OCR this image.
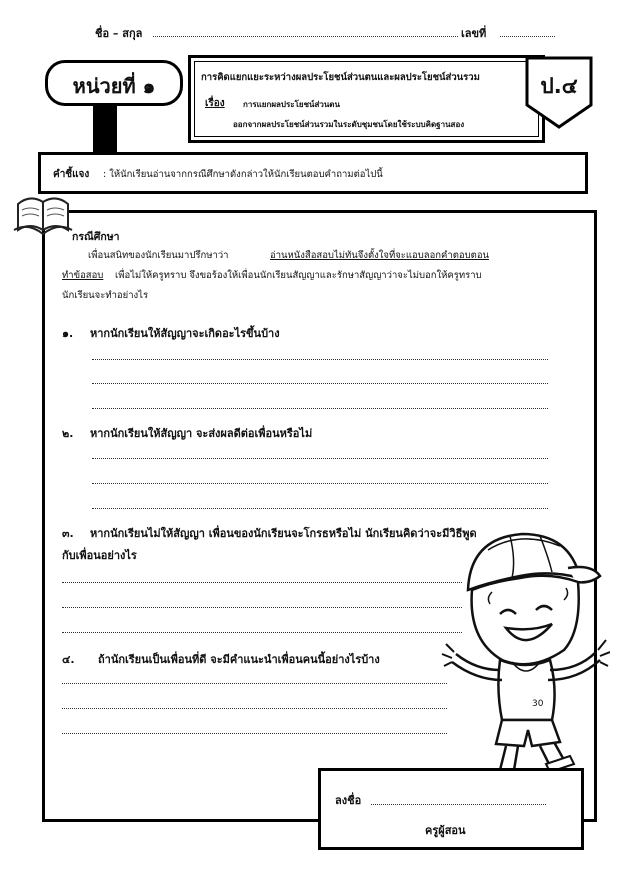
ชื่อ – สกุล	เลขที่
หน่วยที่ ๑	การคิดแยกแยะระหว่างผลประโยชน์ส่วนตนและผลประโยชน์ส่วนรวม
เรื่อง การแยกผลประโยชน์ส่วนตน
ออกจากผลประโยชน์ส่วนรวมในระดับชุมชนโดยใช้ระบบคิดฐานสอง
ป.๔
คำชี้แจง : ให้นักเรียนอ่านจากกรณีศึกษาดังกล่าวให้นักเรียนตอบคำถามต่อไปนี้
กรณีศึกษา
เพื่อนสนิทของนักเรียนมาปรึกษาว่า	อ่านหนังสือสอบไม่ทันจึงตั้งใจที่จะแอบลอกคำตอบตอน
ทำข้อสอบ เพื่อไม่ให้ครูทราบ จึงขอร้องให้เพื่อนนักเรียนสัญญาและรักษาสัญญาว่าจะไม่บอกให้ครูทราบ
นักเรียนจะทำอย่างไร
๑. หากนักเรียนให้สัญญาจะเกิดอะไรขึ้นบ้าง
๒. หากนักเรียนให้สัญญา จะส่งผลดีต่อเพื่อนหรือไม่
๓. หากนักเรียนไม่ให้สัญญา เพื่อนของนักเรียนจะโกรธหรือไม่ นักเรียนคิดว่าจะมีวิธีพูด
กับเพื่อนอย่างไร
๔. ถ้านักเรียนเป็นเพื่อนที่ดี จะมีคำแนะนำเพื่อนคนนี้อย่างไรบ้าง
30
ลงชื่อ
ครูผู้สอน
